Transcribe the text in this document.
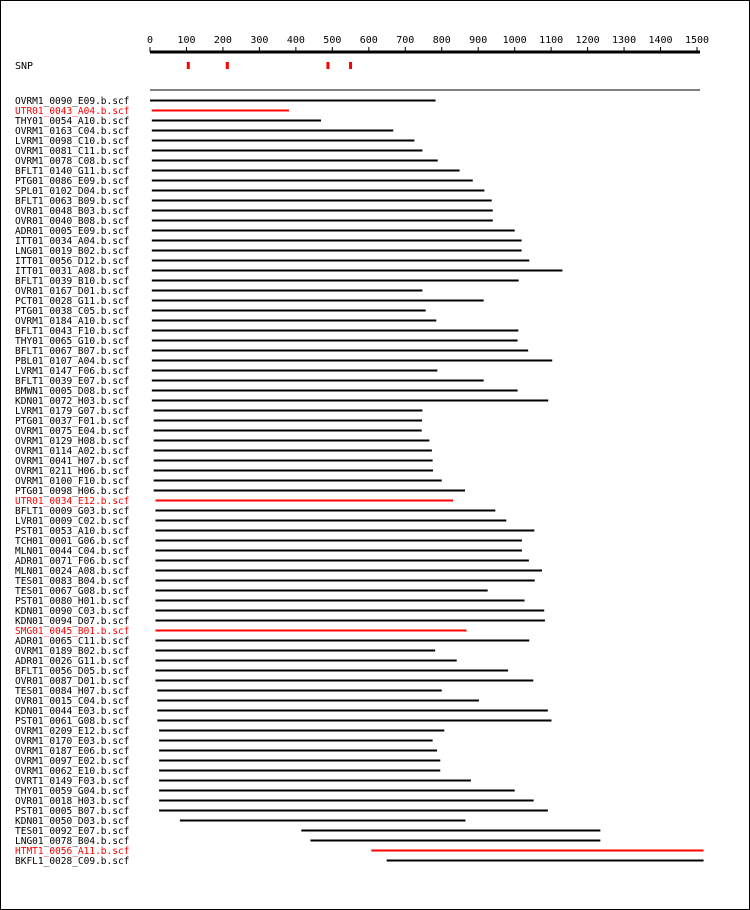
0 100 200 300 400 500 600 700 800 900 1000 1100 1200 1300 1400 1500
SNP
OVRM1_0090_E09.b.scf
UTR01_0043_A04.b.scf
THY01_0054_A10.b.scf
OVRM1_0163_C04.b.scf
LVRM1_0098_C10.b.scf
OVRM1_0081_C11.b.scf
OVRM1_0078_C08.b.scf
BFLT1_0140_G11.b.scf
PTG01_0086_E09.b.scf
SPL01_0102_D04.b.scf
BFLT1_0063_B09.b.scf
OVR01_0048_B03.b.scf
OVR01_0040_B08.b.scf
ADR01_0005_E09.b.scf
ITT01_0034_A04.b.scf
LNG01_0019_B02.b.scf
ITT01_0056_D12.b.scf
ITT01_0031_A08.b.scf
BFLT1_0039_B10.b.scf
OVR01_0167_D01.b.scf
PCT01_0028_G11.b.scf
PTG01_0038_C05.b.scf
OVRM1_0184_A10.b.scf
BFLT1_0043_F10.b.scf
THY01_0065_G10.b.scf
BFLT1_0067_B07.b.scf
PBL01_0107_A04.b.scf
LVRM1_0147_F06.b.scf
BFLT1_0039_E07.b.scf
BMWN1_0005_D08.b.scf
KDN01_0072_H03.b.scf
LVRM1_0179_G07.b.scf
PTG01_0037_F01.b.scf
OVRM1_0075_E04.b.scf
OVRM1_0129_H08.b.scf
OVRM1_0114_A02.b.scf
OVRM1_0041_H07.b.scf
OVRM1_0211_H06.b.scf
OVRM1_0100_F10.b.scf
PTG01_0098_H06.b.scf
UTR01_0034_E12.b.scf
BFLT1_0009_G03.b.scf
LVR01_0009_C02.b.scf
PST01_0053_A10.b.scf
TCH01_0001_G06.b.scf
MLN01_0044_C04.b.scf
ADR01_0071_F06.b.scf
MLN01_0024_A08.b.scf
TES01_0083_B04.b.scf
TES01_0067_G08.b.scf
PST01_0080_H01.b.scf
KDN01_0090_C03.b.scf
KDN01_0094_D07.b.scf
SMG01_0045_B01.b.scf
ADR01_0065_C11.b.scf
OVRM1_0189_B02.b.scf
ADR01_0026_G11.b.scf
BFLT1_0056_D05.b.scf
OVR01_0087_D01.b.scf
TES01_0084_H07.b.scf
OVR01_0015_C04.b.scf
KDN01_0044_E03.b.scf
PST01_0061_G08.b.scf
OVRM1_0209_E12.b.scf
OVRM1_0170_E03.b.scf
OVRM1_0187_E06.b.scf
OVRM1_0097_E02.b.scf
OVRM1_0062_E10.b.scf
OVRT1_0149_F03.b.scf
THY01_0059_G04.b.scf
OVR01_0018_H03.b.scf
PST01_0005_B07.b.scf
KDN01_0050_D03.b.scf
TES01_0092_E07.b.scf
LNG01_0078_B04.b.scf
HTMT1_0056_A11.b.scf
BKFL1_0028_C09.b.scf
